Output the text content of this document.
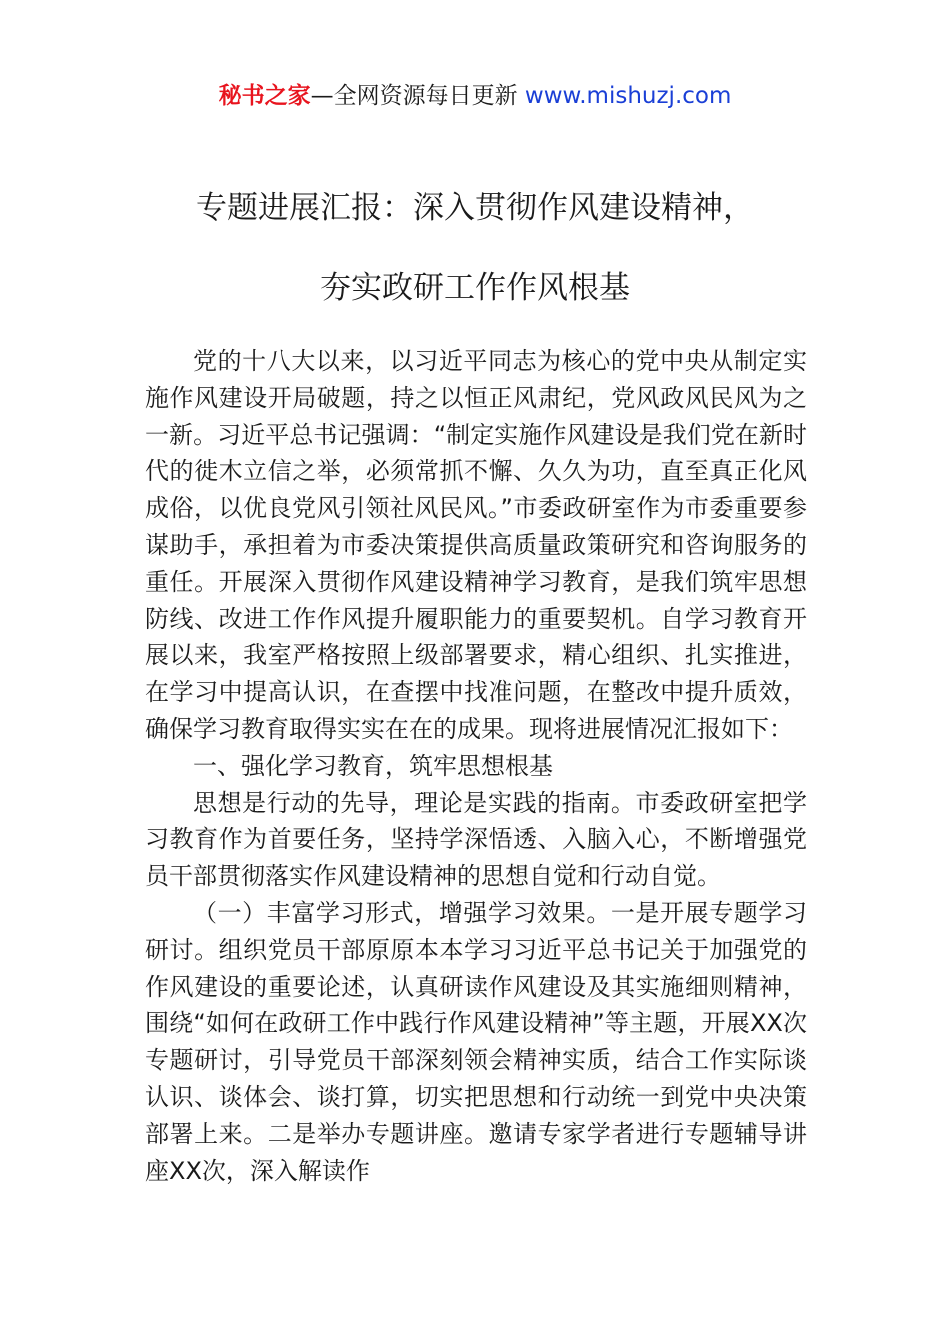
秘书之家—全网资源每日更新 www.mishuzj.com
专题进展汇报：深入贯彻作风建设精神，
夯实政研工作作风根基

党的十八大以来，以习近平同志为核心的党中央从制定实施作风建设开局破题，持之以恒正风肃纪，党风政风民风为之一新。习近平总书记强调：“制定实施作风建设是我们党在新时代的徙木立信之举，必须常抓不懈、久久为功，直至真正化风成俗，以优良党风引领社风民风。”市委政研室作为市委重要参谋助手，承担着为市委决策提供高质量政策研究和咨询服务的重任。开展深入贯彻作风建设精神学习教育，是我们筑牢思想防线、改进工作作风提升履职能力的重要契机。自学习教育开展以来，我室严格按照上级部署要求，精心组织、扎实推进，在学习中提高认识，在查摆中找准问题，在整改中提升质效，确保学习教育取得实实在在的成果。现将进展情况汇报如下：

一、强化学习教育，筑牢思想根基

思想是行动的先导，理论是实践的指南。市委政研室把学习教育作为首要任务，坚持学深悟透、入脑入心，不断增强党员干部贯彻落实作风建设精神的思想自觉和行动自觉。

（一）丰富学习形式，增强学习效果。一是开展专题学习研讨。组织党员干部原原本本学习习近平总书记关于加强党的作风建设的重要论述，认真研读作风建设及其实施细则精神，围绕“如何在政研工作中践行作风建设精神”等主题，开展XX次专题研讨，引导党员干部深刻领会精神实质，结合工作实际谈认识、谈体会、谈打算，切实把思想和行动统一到党中央决策部署上来。二是举办专题讲座。邀请专家学者进行专题辅导讲座XX次，深入解读作
